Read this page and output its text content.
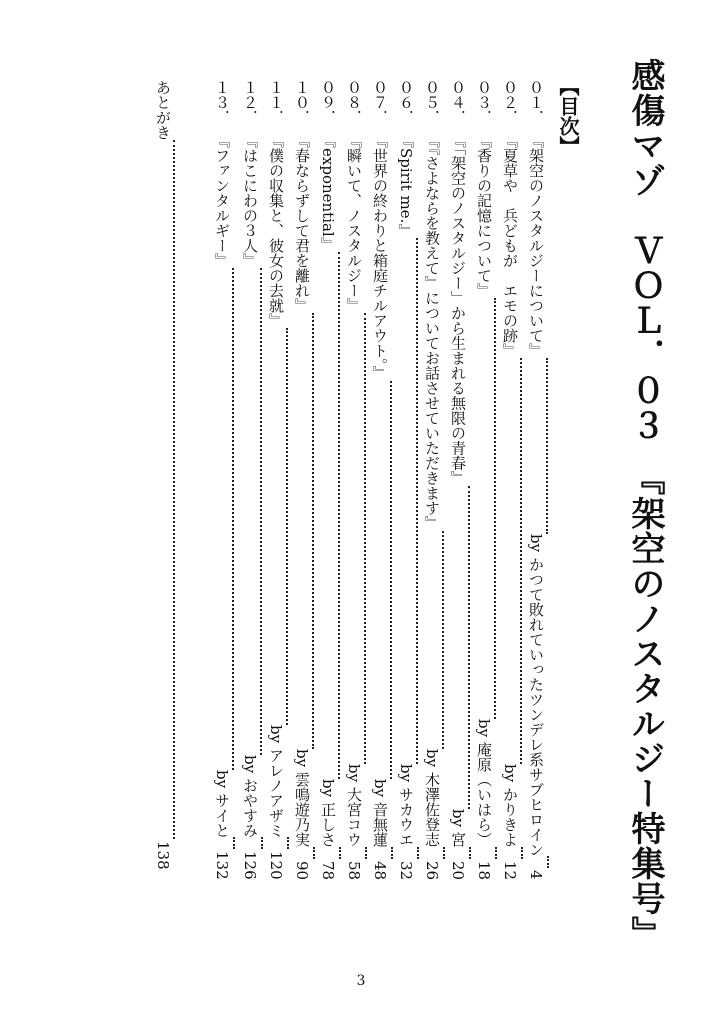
感傷マゾ　ＶＯＬ．０３　『架空のノスタルジー特集号』
【目次】
０１．
『架空のノスタルジーについて』
by かつて敗れていったツンデレ系サブヒロイン
4
０２．
『夏草や　兵どもが　エモの跡』
by かりきよ
12
０３．
『香りの記憶について』
by 庵原（いはら）
18
０４．
『「架空のノスタルジー」から生まれる無限の青春』
by 宮
20
０５．
『『さよならを教えて』についてお話させていただきます』
by 木澤佐登志
26
０６．
『Spirit me.』
by サカウエ
32
０７．
『世界の終わりと箱庭チルアウト。』
by 音無蓮
48
０８．
『瞬いて、ノスタルジー』
by 大宮コウ
58
０９．
『exponential』
by 正しさ
78
１０．
『春ならずして君を離れ』
by 雲鳴遊乃実
90
１１．
『僕の収集と、彼女の去就』
by アレノアザミ
120
１２．
『はこにわの３人』
by おやすみ
126
１３．
『ファンタルギー』
by サイと
132
あとがき
138
3
